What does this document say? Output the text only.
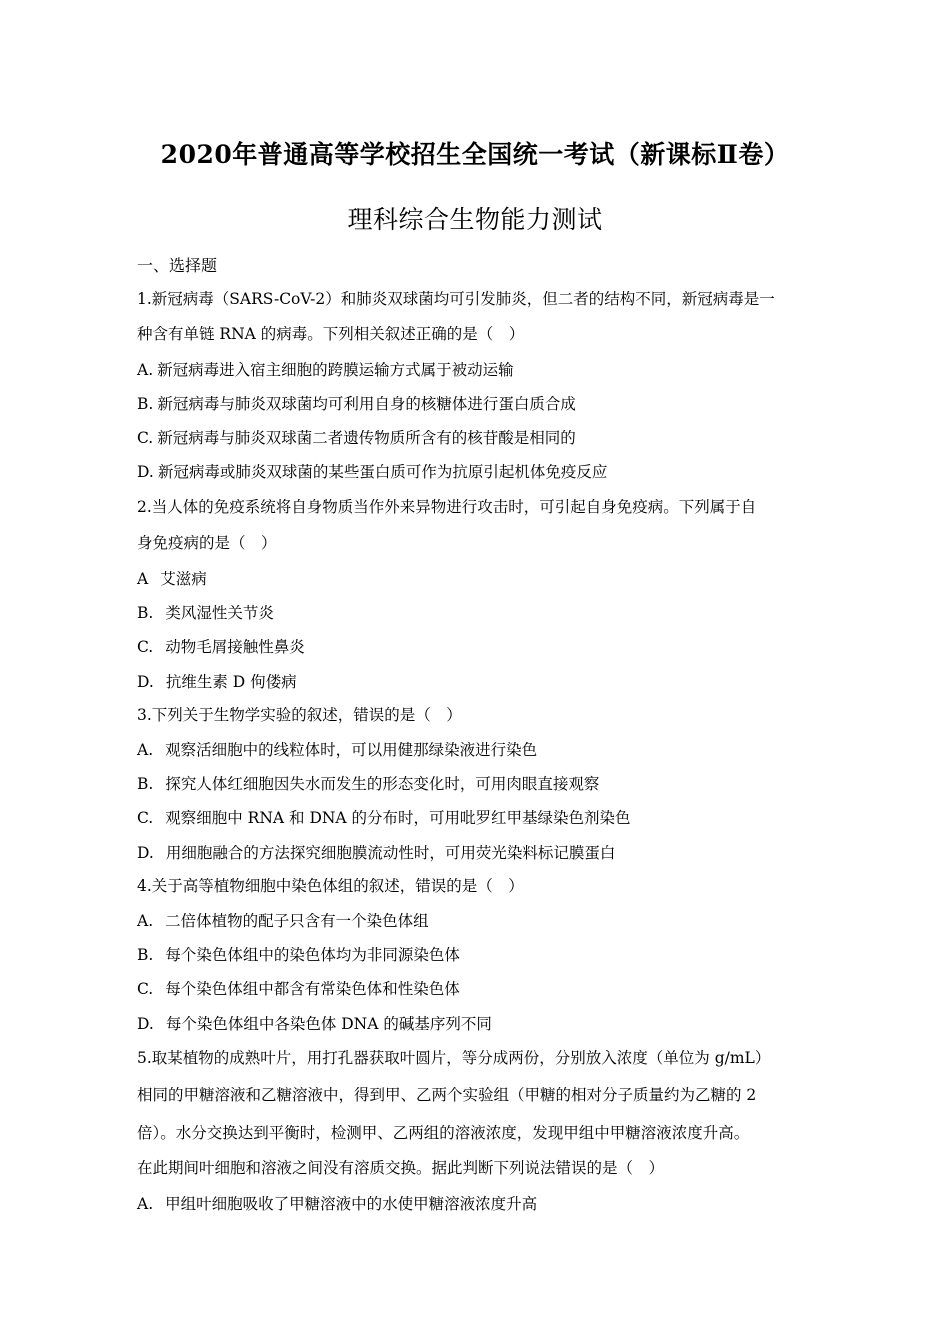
2020年普通高等学校招生全国统一考试（新课标Ⅱ卷）
理科综合生物能力测试
一、选择题
1.新冠病毒（SARS-CoV-2）和肺炎双球菌均可引发肺炎，但二者的结构不同，新冠病毒是一
种含有单链 RNA 的病毒。下列相关叙述正确的是（　）
A. 新冠病毒进入宿主细胞的跨膜运输方式属于被动运输
B. 新冠病毒与肺炎双球菌均可利用自身的核糖体进行蛋白质合成
C. 新冠病毒与肺炎双球菌二者遗传物质所含有的核苷酸是相同的
D. 新冠病毒或肺炎双球菌的某些蛋白质可作为抗原引起机体免疫反应
2.当人体的免疫系统将自身物质当作外来异物进行攻击时，可引起自身免疫病。下列属于自
身免疫病的是（　）
A 艾滋病
B. 类风湿性关节炎
C. 动物毛屑接触性鼻炎
D. 抗维生素 D 佝偻病
3.下列关于生物学实验的叙述，错误的是（　）
A. 观察活细胞中的线粒体时，可以用健那绿染液进行染色
B. 探究人体红细胞因失水而发生的形态变化时，可用肉眼直接观察
C. 观察细胞中 RNA 和 DNA 的分布时，可用吡罗红甲基绿染色剂染色
D. 用细胞融合的方法探究细胞膜流动性时，可用荧光染料标记膜蛋白
4.关于高等植物细胞中染色体组的叙述，错误的是（　）
A. 二倍体植物的配子只含有一个染色体组
B. 每个染色体组中的染色体均为非同源染色体
C. 每个染色体组中都含有常染色体和性染色体
D. 每个染色体组中各染色体 DNA 的碱基序列不同
5.取某植物的成熟叶片，用打孔器获取叶圆片，等分成两份，分别放入浓度（单位为 g/mL）
相同的甲糖溶液和乙糖溶液中，得到甲、乙两个实验组（甲糖的相对分子质量约为乙糖的 2
倍）。水分交换达到平衡时，检测甲、乙两组的溶液浓度，发现甲组中甲糖溶液浓度升高。
在此期间叶细胞和溶液之间没有溶质交换。据此判断下列说法错误的是（　）
A. 甲组叶细胞吸收了甲糖溶液中的水使甲糖溶液浓度升高
